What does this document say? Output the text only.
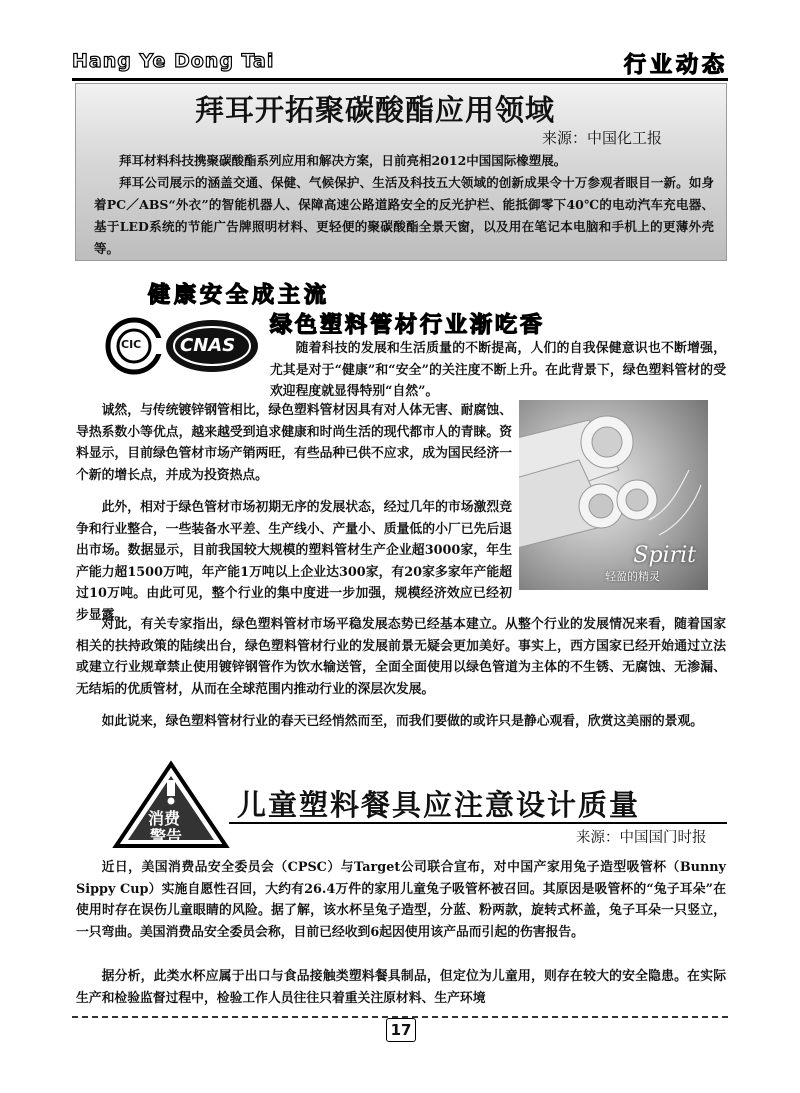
Hang Ye Dong Tai	行业动态
拜耳开拓聚碳酸酯应用领域
来源：中国化工报
拜耳材料科技携聚碳酸酯系列应用和解决方案，日前亮相2012中国国际橡塑展。
拜耳公司展示的涵盖交通、保健、气候保护、生活及科技五大领域的创新成果令十万参观者眼目一新。如身着PC／ABS“外衣”的智能机器人、保障高速公路道路安全的反光护栏、能抵御零下40℃的电动汽车充电器、基于LED系统的节能广告牌照明材料、更轻便的聚碳酸酯全景天窗，以及用在笔记本电脑和手机上的更薄外壳等。
健康安全成主流
CIC CNAS
绿色塑料管材行业渐吃香
随着科技的发展和生活质量的不断提高，人们的自我保健意识也不断增强，尤其是对于“健康”和“安全”的关注度不断上升。在此背景下，绿色塑料管材的受欢迎程度就显得特别“自然”。
诚然，与传统镀锌钢管相比，绿色塑料管材因具有对人体无害、耐腐蚀、导热系数小等优点，越来越受到追求健康和时尚生活的现代都市人的青睐。资料显示，目前绿色管材市场产销两旺，有些品种已供不应求，成为国民经济一个新的增长点，并成为投资热点。
此外，相对于绿色管材市场初期无序的发展状态，经过几年的市场激烈竞争和行业整合，一些装备水平差、生产线小、产量小、质量低的小厂已先后退出市场。数据显示，目前我国较大规模的塑料管材生产企业超3000家，年生产能力超1500万吨，年产能1万吨以上企业达300家，有20家多家年产能超过10万吨。由此可见，整个行业的集中度进一步加强，规模经济效应已经初步显露。
Spirit
轻盈的精灵
对此，有关专家指出，绿色塑料管材市场平稳发展态势已经基本建立。从整个行业的发展情况来看，随着国家相关的扶持政策的陆续出台，绿色塑料管材行业的发展前景无疑会更加美好。事实上，西方国家已经开始通过立法或建立行业规章禁止使用镀锌钢管作为饮水输送管，全面全面使用以绿色管道为主体的不生锈、无腐蚀、无渗漏、无结垢的优质管材，从而在全球范围内推动行业的深层次发展。
如此说来，绿色塑料管材行业的春天已经悄然而至，而我们要做的或许只是静心观看，欣赏这美丽的景观。
消费
警告
儿童塑料餐具应注意设计质量
来源：中国国门时报
近日，美国消费品安全委员会（CPSC）与Target公司联合宣布，对中国产家用兔子造型吸管杯（Bunny Sippy Cup）实施自愿性召回，大约有26.4万件的家用儿童兔子吸管杯被召回。其原因是吸管杯的“兔子耳朵”在使用时存在误伤儿童眼睛的风险。据了解，该水杯呈兔子造型，分蓝、粉两款，旋转式杯盖，兔子耳朵一只竖立，一只弯曲。美国消费品安全委员会称，目前已经收到6起因使用该产品而引起的伤害报告。
据分析，此类水杯应属于出口与食品接触类塑料餐具制品，但定位为儿童用，则存在较大的安全隐患。在实际生产和检验监督过程中，检验工作人员往往只着重关注原材料、生产环境
17
